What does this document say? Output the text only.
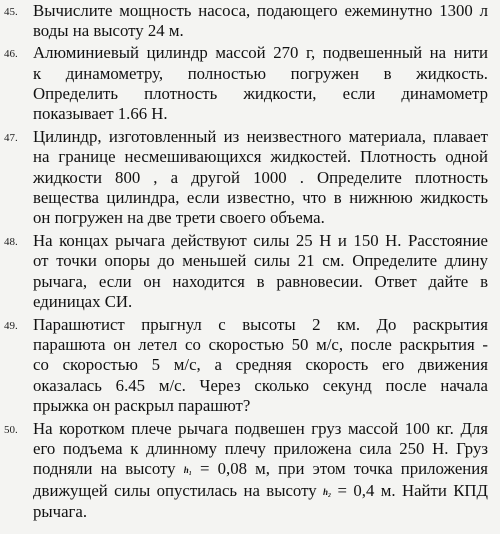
45. Вычислите мощность насоса, подающего ежеминутно 1300 л
воды на высоту 24 м.
46. Алюминиевый цилиндр массой 270 г, подвешенный на нити
к динамометру, полностью погружен в жидкость.
Определить плотность жидкости, если динамометр
показывает 1.66 Н.
47. Цилиндр, изготовленный из неизвестного материала, плавает
на границе несмешивающихся жидкостей. Плотность одной
жидкости 800 , а другой 1000 . Определите плотность
вещества цилиндра, если известно, что в нижнюю жидкость
он погружен на две трети своего объема.
48. На концах рычага действуют силы 25 Н и 150 Н. Расстояние
от точки опоры до меньшей силы 21 см. Определите длину
рычага, если он находится в равновесии. Ответ дайте в
единицах СИ.
49. Парашютист прыгнул с высоты 2 км. До раскрытия
парашюта он летел со скоростью 50 м/с, после раскрытия -
со скоростью 5 м/с, а средняя скорость его движения
оказалась 6.45 м/с. Через сколько секунд после начала
прыжка он раскрыл парашют?
50. На коротком плече рычага подвешен груз массой 100 кг. Для
его подъема к длинному плечу приложена сила 250 Н. Груз
подняли на высоту h₁ = 0,08 м, при этом точка приложения
движущей силы опустилась на высоту h₂ = 0,4 м. Найти КПД
рычага.
